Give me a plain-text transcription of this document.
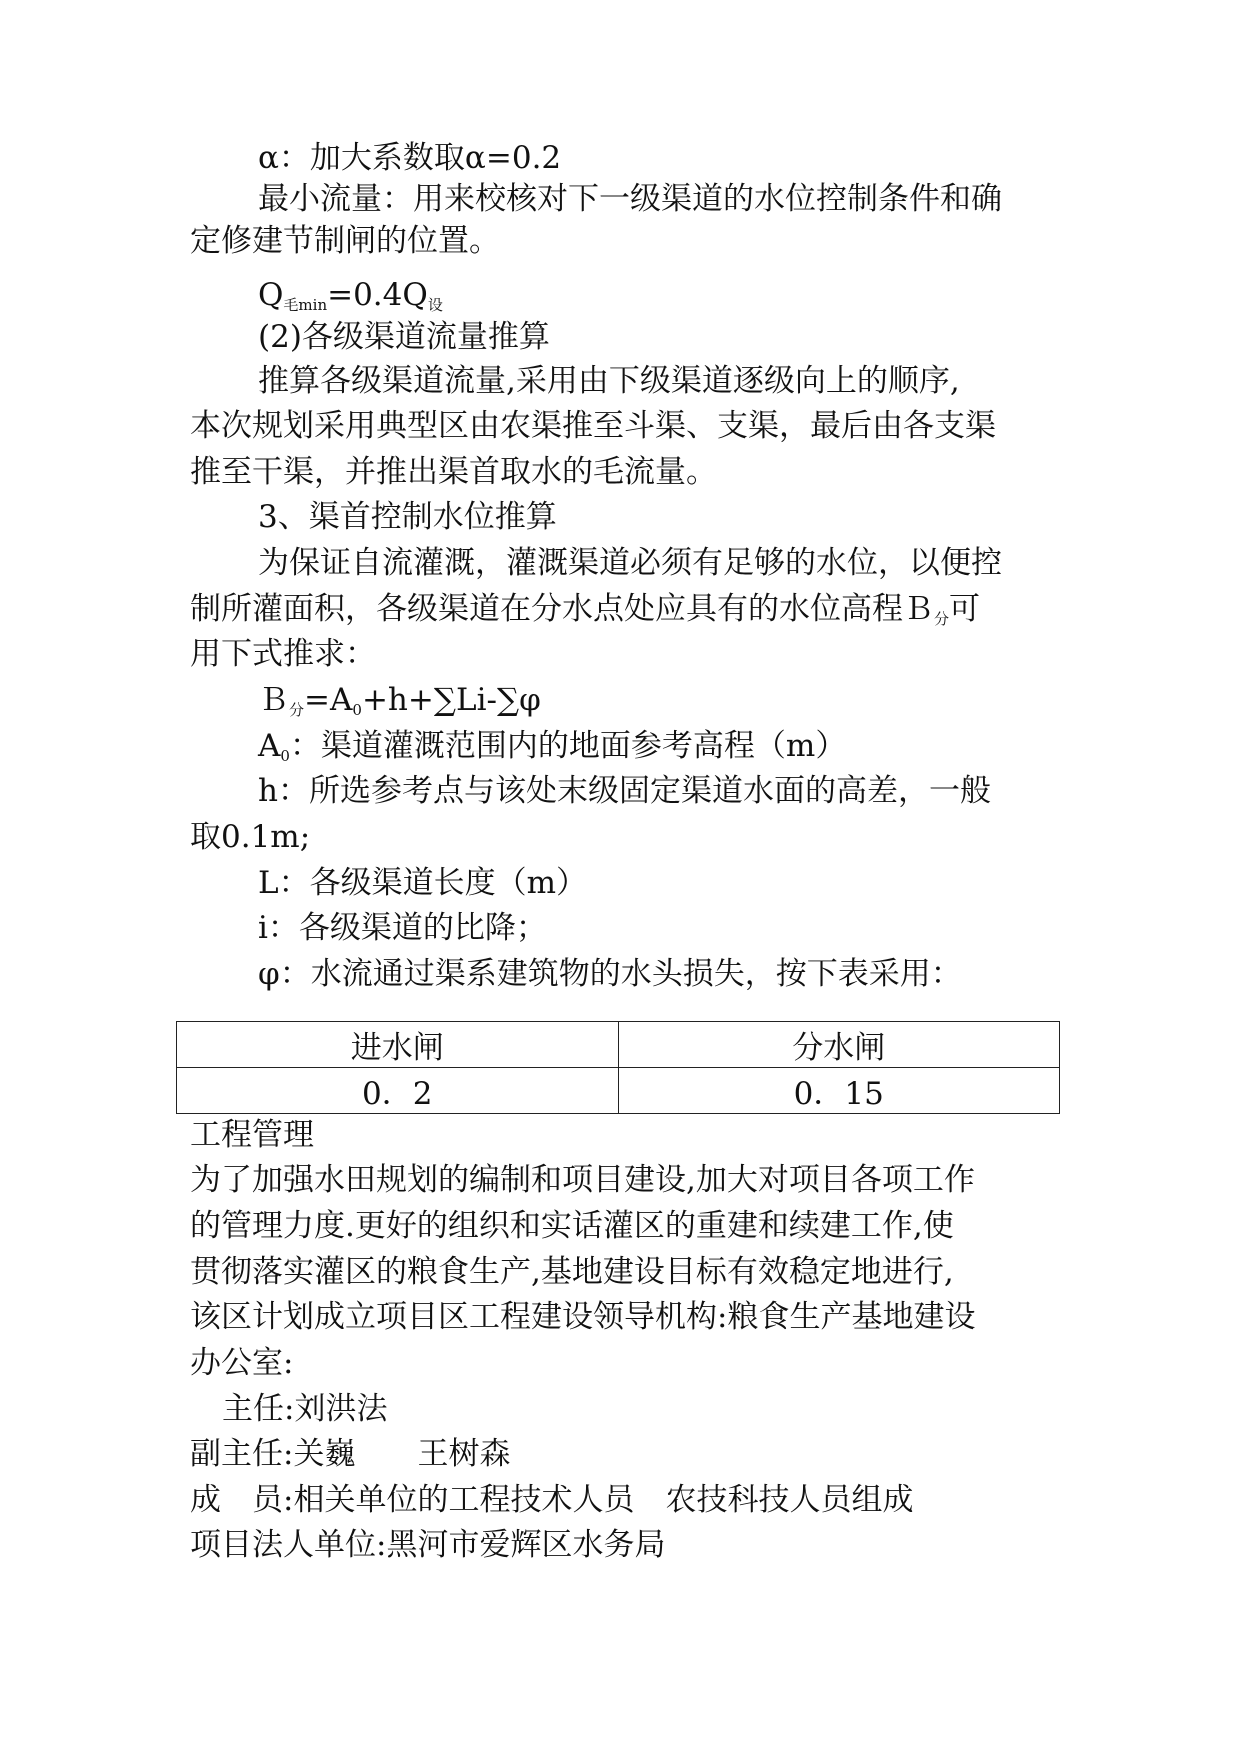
α：加大系数取α=0.2
最小流量：用来校核对下一级渠道的水位控制条件和确
定修建节制闸的位置。
$Q_{毛min}=0.4Q_设$
(2)各级渠道流量推算
推算各级渠道流量,采用由下级渠道逐级向上的顺序,
本次规划采用典型区由农渠推至斗渠、支渠，最后由各支渠
推至干渠，并推出渠首取水的毛流量。
3、渠首控制水位推算
为保证自流灌溉，灌溉渠道必须有足够的水位，以便控
制所灌面积，各级渠道在分水点处应具有的水位高程Ｂ$_分$可
用下式推求：
$B_分=A_0+h+\sum Li-\sum\varphi$
$A_0$：渠道灌溉范围内的地面参考高程（m）
h：所选参考点与该处末级固定渠道水面的高差，一般
取0.1m;
L：各级渠道长度（m）
i：各级渠道的比降；
φ：水流通过渠系建筑物的水头损失，按下表采用：
进水闸	分水闸
0．2	0．15
工程管理
为了加强水田规划的编制和项目建设,加大对项目各项工作
的管理力度.更好的组织和实话灌区的重建和续建工作,使
贯彻落实灌区的粮食生产,基地建设目标有效稳定地进行,
该区计划成立项目区工程建设领导机构:粮食生产基地建设
办公室:
主任:刘洪法
副主任:关巍　　王树森
成　员:相关单位的工程技术人员　农技科技人员组成
项目法人单位:黑河市爱辉区水务局
